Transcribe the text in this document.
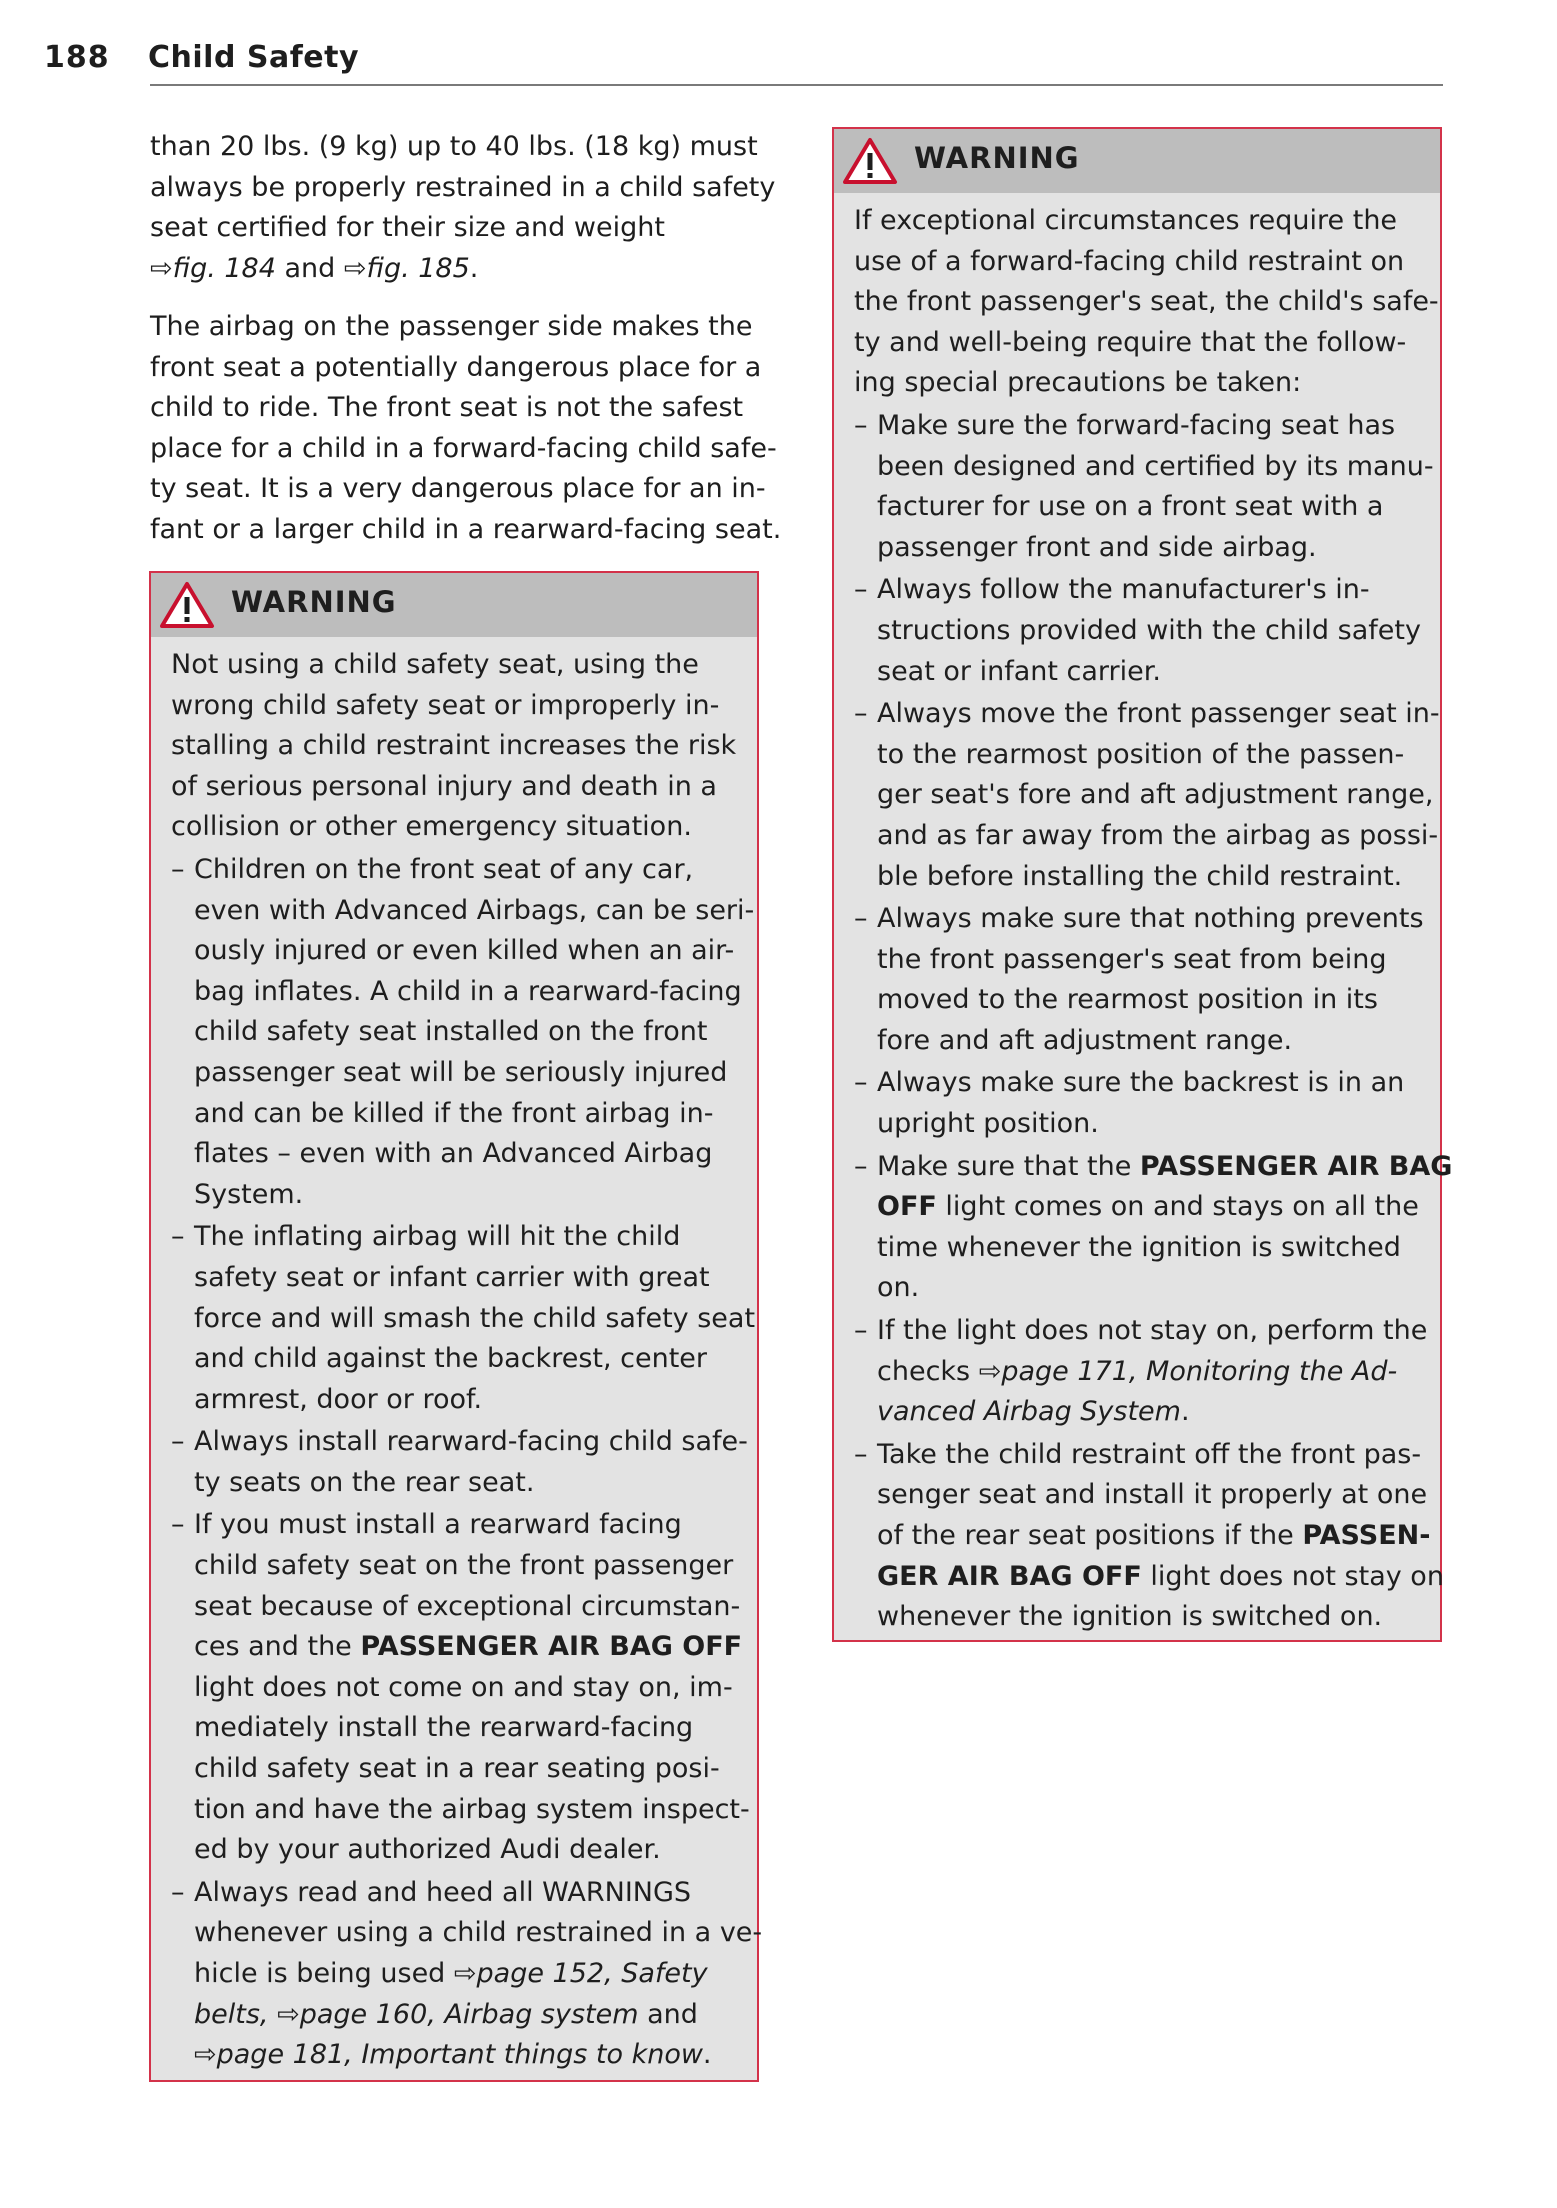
188 Child Safety
than 20 lbs. (9 kg) up to 40 lbs. (18 kg) must
always be properly restrained in a child safety
seat certified for their size and weight
⇨fig. 184 and ⇨fig. 185.
The airbag on the passenger side makes the
front seat a potentially dangerous place for a
child to ride. The front seat is not the safest
place for a child in a forward-facing child safe-
ty seat. It is a very dangerous place for an in-
fant or a larger child in a rearward-facing seat.
WARNING
Not using a child safety seat, using the
wrong child safety seat or improperly in-
stalling a child restraint increases the risk
of serious personal injury and death in a
collision or other emergency situation.
– Children on the front seat of any car,
even with Advanced Airbags, can be seri-
ously injured or even killed when an air-
bag inflates. A child in a rearward-facing
child safety seat installed on the front
passenger seat will be seriously injured
and can be killed if the front airbag in-
flates – even with an Advanced Airbag
System.
– The inflating airbag will hit the child
safety seat or infant carrier with great
force and will smash the child safety seat
and child against the backrest, center
armrest, door or roof.
– Always install rearward-facing child safe-
ty seats on the rear seat.
– If you must install a rearward facing
child safety seat on the front passenger
seat because of exceptional circumstan-
ces and the PASSENGER AIR BAG OFF
light does not come on and stay on, im-
mediately install the rearward-facing
child safety seat in a rear seating posi-
tion and have the airbag system inspect-
ed by your authorized Audi dealer.
– Always read and heed all WARNINGS
whenever using a child restrained in a ve-
hicle is being used ⇨page 152, Safety
belts, ⇨page 160, Airbag system and
⇨page 181, Important things to know.
WARNING
If exceptional circumstances require the
use of a forward-facing child restraint on
the front passenger's seat, the child's safe-
ty and well-being require that the follow-
ing special precautions be taken:
– Make sure the forward-facing seat has
been designed and certified by its manu-
facturer for use on a front seat with a
passenger front and side airbag.
– Always follow the manufacturer's in-
structions provided with the child safety
seat or infant carrier.
– Always move the front passenger seat in-
to the rearmost position of the passen-
ger seat's fore and aft adjustment range,
and as far away from the airbag as possi-
ble before installing the child restraint.
– Always make sure that nothing prevents
the front passenger's seat from being
moved to the rearmost position in its
fore and aft adjustment range.
– Always make sure the backrest is in an
upright position.
– Make sure that the PASSENGER AIR BAG
OFF light comes on and stays on all the
time whenever the ignition is switched
on.
– If the light does not stay on, perform the
checks ⇨page 171, Monitoring the Ad-
vanced Airbag System.
– Take the child restraint off the front pas-
senger seat and install it properly at one
of the rear seat positions if the PASSEN-
GER AIR BAG OFF light does not stay on
whenever the ignition is switched on.
